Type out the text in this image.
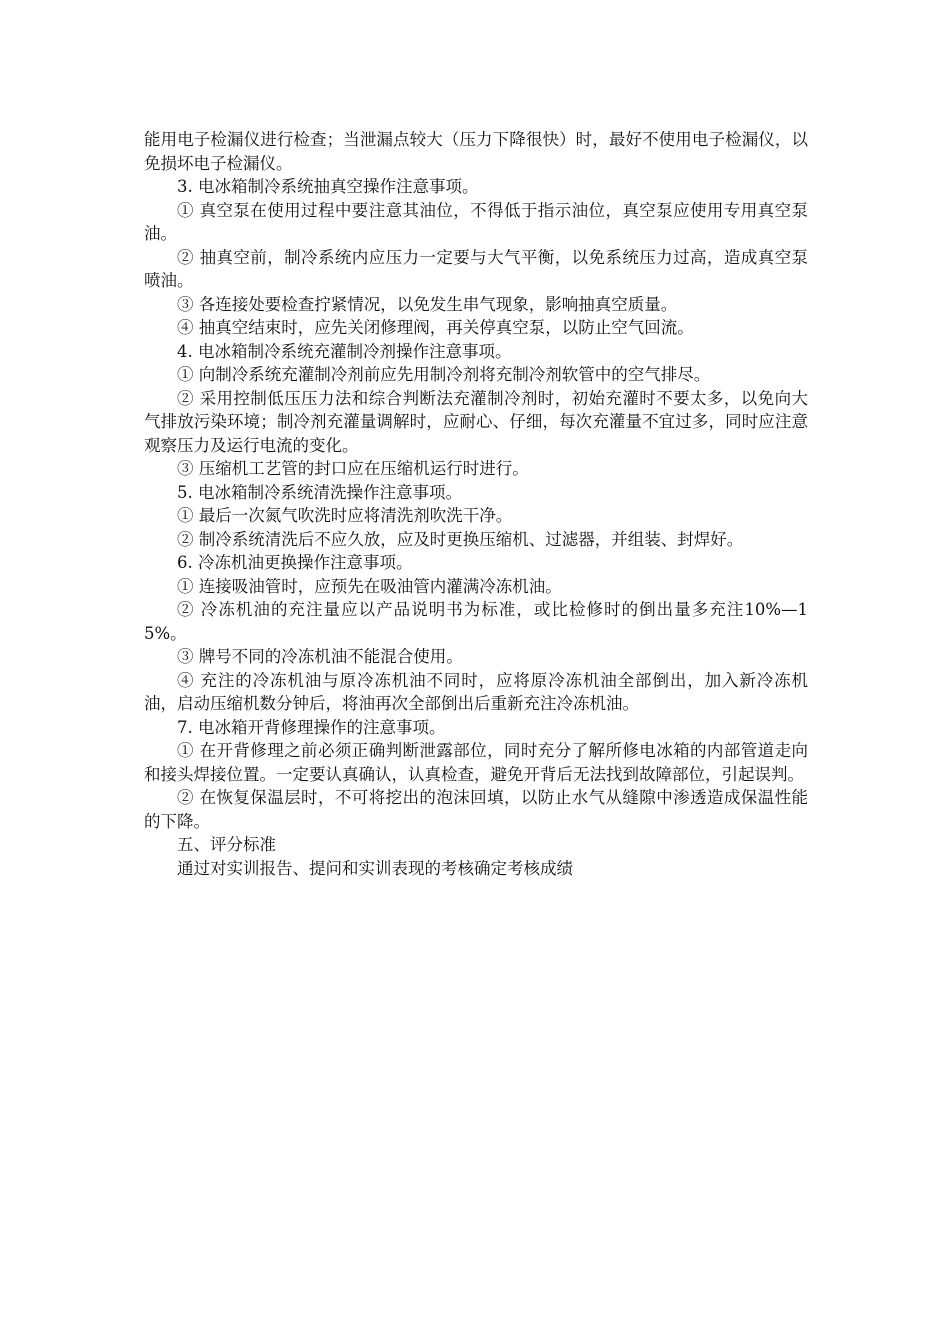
能用电子检漏仪进行检查；当泄漏点较大（压力下降很快）时，最好不使用电子检漏仪，以免损坏电子检漏仪。

3. 电冰箱制冷系统抽真空操作注意事项。

① 真空泵在使用过程中要注意其油位，不得低于指示油位，真空泵应使用专用真空泵油。

② 抽真空前，制冷系统内应压力一定要与大气平衡，以免系统压力过高，造成真空泵喷油。

③ 各连接处要检查拧紧情况，以免发生串气现象，影响抽真空质量。

④ 抽真空结束时，应先关闭修理阀，再关停真空泵，以防止空气回流。

4. 电冰箱制冷系统充灌制冷剂操作注意事项。

① 向制冷系统充灌制冷剂前应先用制冷剂将充制冷剂软管中的空气排尽。

② 采用控制低压压力法和综合判断法充灌制冷剂时，初始充灌时不要太多，以免向大气排放污染环境；制冷剂充灌量调解时，应耐心、仔细，每次充灌量不宜过多，同时应注意观察压力及运行电流的变化。

③ 压缩机工艺管的封口应在压缩机运行时进行。

5. 电冰箱制冷系统清洗操作注意事项。

① 最后一次氮气吹洗时应将清洗剂吹洗干净。

② 制冷系统清洗后不应久放，应及时更换压缩机、过滤器，并组装、封焊好。

6. 冷冻机油更换操作注意事项。

① 连接吸油管时，应预先在吸油管内灌满冷冻机油。

② 冷冻机油的充注量应以产品说明书为标准，或比检修时的倒出量多充注10%—15%。

③ 牌号不同的冷冻机油不能混合使用。

④ 充注的冷冻机油与原冷冻机油不同时，应将原冷冻机油全部倒出，加入新冷冻机油，启动压缩机数分钟后，将油再次全部倒出后重新充注冷冻机油。

7. 电冰箱开背修理操作的注意事项。

① 在开背修理之前必须正确判断泄露部位，同时充分了解所修电冰箱的内部管道走向和接头焊接位置。一定要认真确认，认真检查，避免开背后无法找到故障部位，引起误判。

② 在恢复保温层时，不可将挖出的泡沫回填，以防止水气从缝隙中渗透造成保温性能的下降。

五、评分标准

通过对实训报告、提问和实训表现的考核确定考核成绩
